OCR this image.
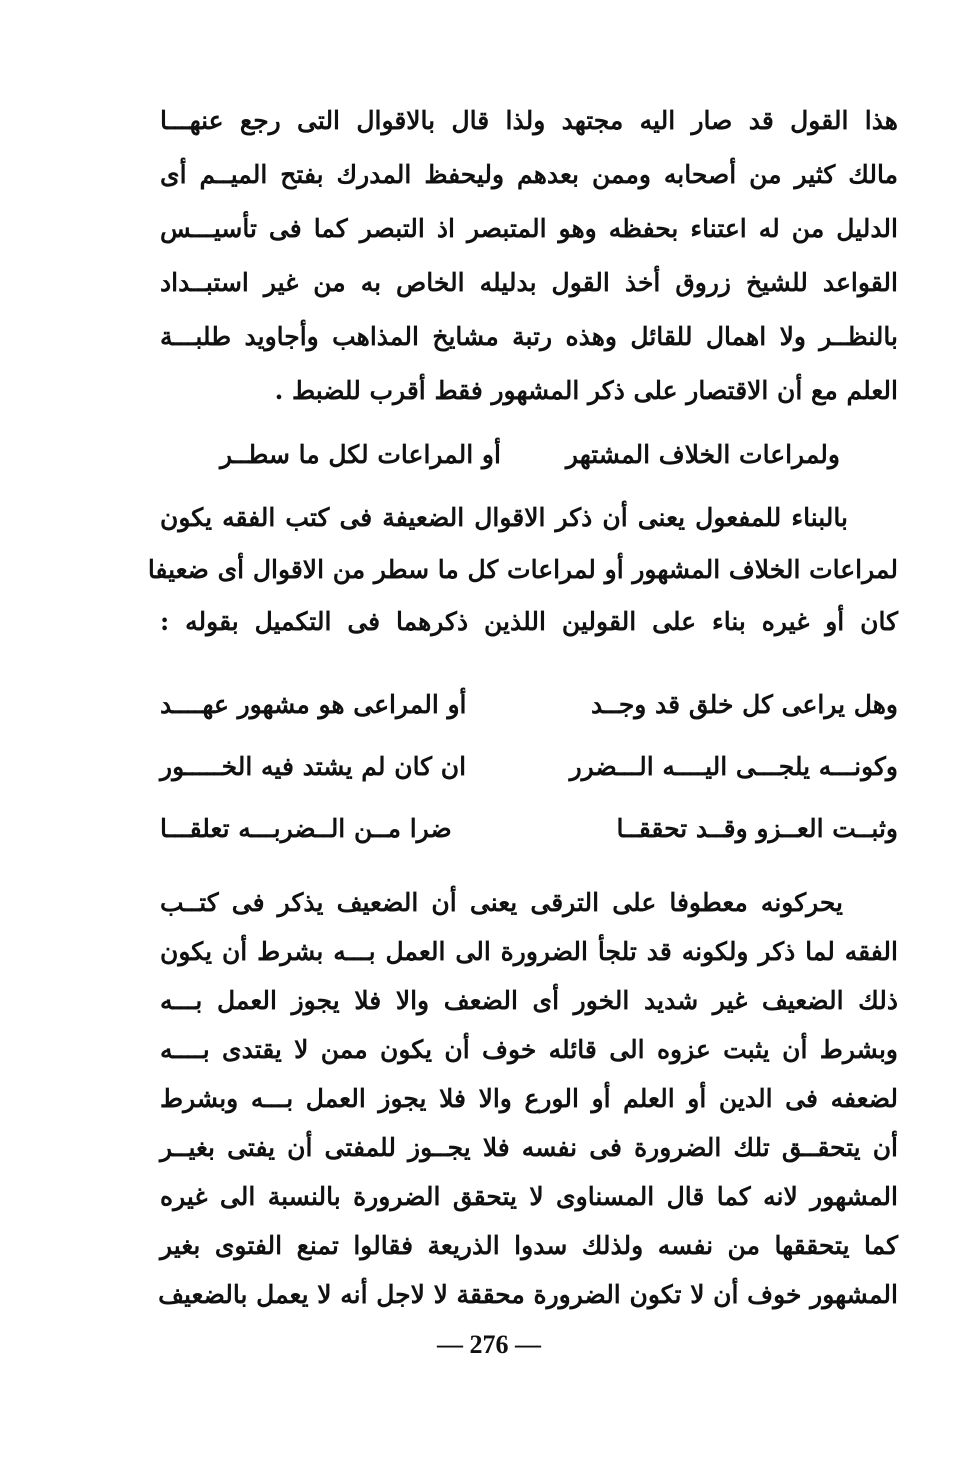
هذا القول قد صار اليه مجتهد ولذا قال بالاقوال التى رجع عنهـــا
مالك كثير من أصحابه وممن بعدهم وليحفظ المدرك بفتح الميــم أى
الدليل من له اعتناء بحفظه وهو المتبصر اذ التبصر كما فى تأسيـــس
القواعد للشيخ زروق أخذ القول بدليله الخاص به من غير استبــداد
بالنظــر ولا اهمال للقائل وهذه رتبة مشايخ المذاهب وأجاويد طلبـــة
العلم مع أن الاقتصار على ذكر المشهور فقط أقرب للضبط .
ولمراعات الخلاف المشتهر
أو المراعات لكل ما سطــر
بالبناء للمفعول يعنى أن ذكر الاقوال الضعيفة فى كتب الفقه يكون
لمراعات الخلاف المشهور أو لمراعات كل ما سطر من الاقوال أى ضعيفا
كان أو غيره بناء على القولين اللذين ذكرهما فى التكميل بقوله :
وهل يراعى كل خلق قد وجــد
أو المراعى هو مشهور عهــــد
وكونـــه يلجـــى اليــــه الـــضرر
ان كان لم يشتد فيه الخـــــور
وثبــت العــزو وقــد تحققــا
ضرا مــن الــضربـــه تعلقـــا
يحركونه معطوفا على الترقى يعنى أن الضعيف يذكر فى كتــب
الفقه لما ذكر ولكونه قد تلجأ الضرورة الى العمل بـــه بشرط أن يكون
ذلك الضعيف غير شديد الخور أى الضعف والا فلا يجوز العمل بـــه
وبشرط أن يثبت عزوه الى قائله خوف أن يكون ممن لا يقتدى بــــه
لضعفه فى الدين أو العلم أو الورع والا فلا يجوز العمل بـــه وبشرط
أن يتحقــق تلك الضرورة فى نفسه فلا يجــوز للمفتى أن يفتى بغيــر
المشهور لانه كما قال المسناوى لا يتحقق الضرورة بالنسبة الى غيره
كما يتحققها من نفسه ولذلك سدوا الذريعة فقالوا تمنع الفتوى بغير
المشهور خوف أن لا تكون الضرورة محققة لا لاجل أنه لا يعمل بالضعيف
— 276 —
